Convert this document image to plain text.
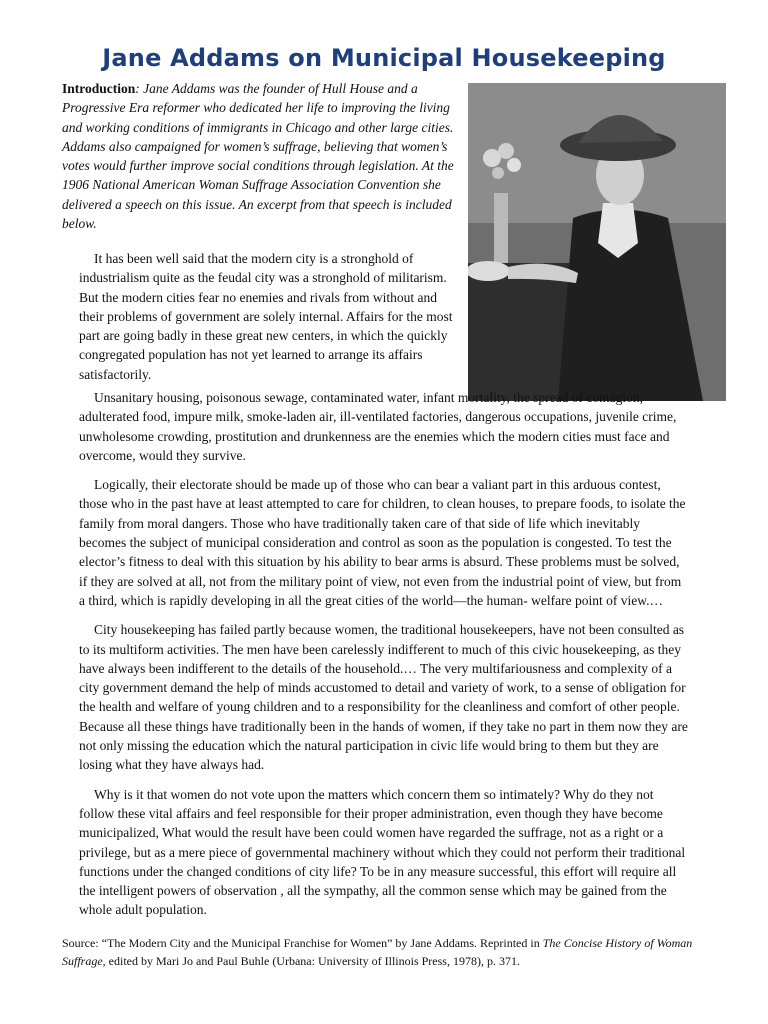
Jane Addams on Municipal Housekeeping
Introduction: Jane Addams was the founder of Hull House and a Progressive Era reformer who dedicated her life to improving the living and working conditions of immigrants in Chicago and other large cities. Addams also campaigned for women’s suffrage, believing that women’s votes would further improve social conditions through legislation. At the 1906 National American Woman Suffrage Association Convention she delivered a speech on this issue. An excerpt from that speech is included below.

It has been well said that the modern city is a stronghold of industrialism quite as the feudal city was a stronghold of militarism. But the modern cities fear no enemies and rivals from without and their problems of government are solely internal. Affairs for the most part are going badly in these great new centers, in which the quickly congregated population has not yet learned to arrange its affairs satisfactorily.

Unsanitary housing, poisonous sewage, contaminated water, infant mortality, the spread of contagion, adulterated food, impure milk, smoke-laden air, ill-ventilated factories, dangerous occupations, juvenile crime, unwholesome crowding, prostitution and drunkenness are the enemies which the modern cities must face and overcome, would they survive.

Logically, their electorate should be made up of those who can bear a valiant part in this arduous contest, those who in the past have at least attempted to care for children, to clean houses, to prepare foods, to isolate the family from moral dangers. Those who have traditionally taken care of that side of life which inevitably becomes the subject of municipal consideration and control as soon as the population is congested. To test the elector’s fitness to deal with this situation by his ability to bear arms is absurd. These problems must be solved, if they are solved at all, not from the military point of view, not even from the industrial point of view, but from a third, which is rapidly developing in all the great cities of the world—the human- welfare point of view.…

City housekeeping has failed partly because women, the traditional housekeepers, have not been consulted as to its multiform activities. The men have been carelessly indifferent to much of this civic housekeeping, as they have always been indifferent to the details of the household.… The very multifariousness and complexity of a city government demand the help of minds accustomed to detail and variety of work, to a sense of obligation for the health and welfare of young children and to a responsibility for the cleanliness and comfort of other people. Because all these things have traditionally been in the hands of women, if they take no part in them now they are not only missing the education which the natural participation in civic life would bring to them but they are losing what they have always had.

Why is it that women do not vote upon the matters which concern them so intimately? Why do they not follow these vital affairs and feel responsible for their proper administration, even though they have become municipalized, What would the result have been could women have regarded the suffrage, not as a right or a privilege, but as a mere piece of governmental machinery without which they could not perform their traditional functions under the changed conditions of city life? To be in any measure successful, this effort will require all the intelligent powers of observation , all the sympathy, all the common sense which may be gained from the whole adult population.

Source: “The Modern City and the Municipal Franchise for Women” by Jane Addams. Reprinted in The Concise History of Woman Suffrage, edited by Mari Jo and Paul Buhle (Urbana: University of Illinois Press, 1978), p. 371.
